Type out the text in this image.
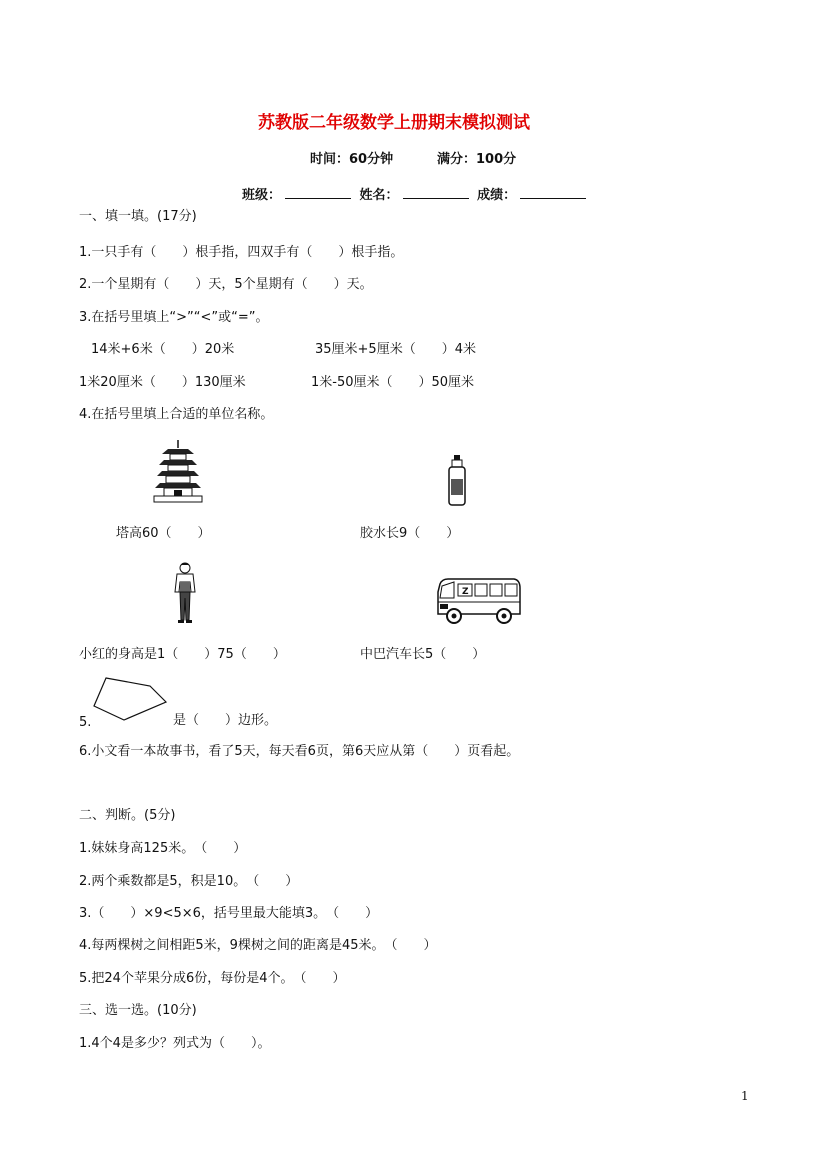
苏教版二年级数学上册期末模拟测试
时间：60分钟	满分：100分
班级：	姓名：	成绩：
一、填一填。(17分)
1.一只手有（　　）根手指，四双手有（　　）根手指。
2.一个星期有（　　）天，5个星期有（　　）天。
3.在括号里填上“>”“<”或“=”。
14米+6米（　　）20米	35厘米+5厘米（　　）4米
1米20厘米（　　）130厘米	1米-50厘米（　　）50厘米
4.在括号里填上合适的单位名称。
塔高60（　　）	胶水长9（　　）
Z
小红的身高是1（　　）75（　　）	中巴汽车长5（　　）
5.	是（　　）边形。
6.小文看一本故事书，看了5天，每天看6页，第6天应从第（　　）页看起。
二、判断。(5分)
1.妹妹身高125米。　（　　）
2.两个乘数都是5，积是10。　（　　）
3.（　　）×9<5×6，括号里最大能填3。　（　　）
4.每两棵树之间相距5米，9棵树之间的距离是45米。　（　　）
5.把24个苹果分成6份，每份是4个。　（　　）
三、选一选。(10分)
1.4个4是多少？列式为（　　）。
1
